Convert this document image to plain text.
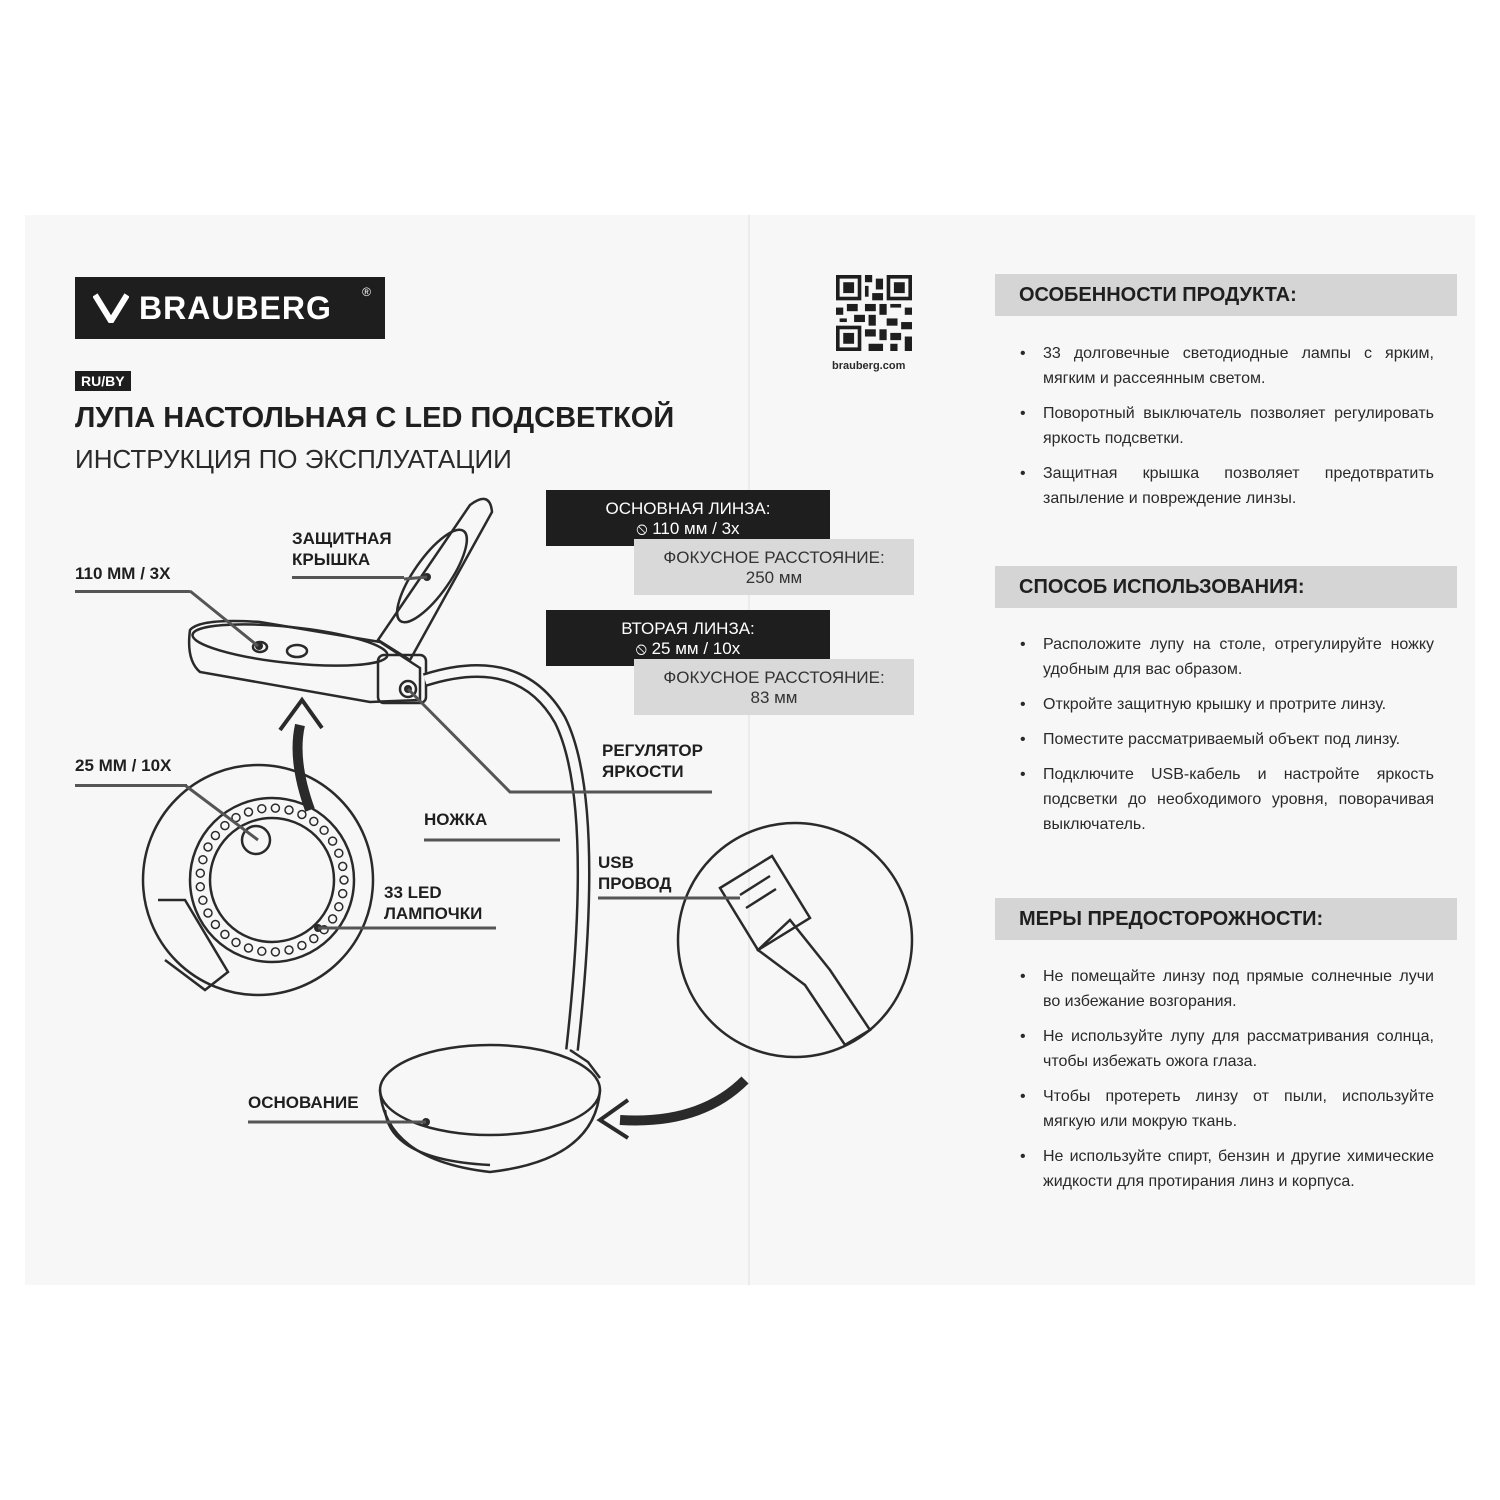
BRAUBERG	®
RU/BY
ЛУПА НАСТОЛЬНАЯ С LED ПОДСВЕТКОЙ
ИНСТРУКЦИЯ ПО ЭКСПЛУАТАЦИИ
brauberg.com
ОСНОВНАЯ ЛИНЗА:
⦸ 110 мм / 3х
ФОКУСНОЕ РАССТОЯНИЕ:
250 мм
ВТОРАЯ ЛИНЗА:
⦸ 25 мм / 10х
ФОКУСНОЕ РАССТОЯНИЕ:
83 мм
110 ММ / 3Х
ЗАЩИТНАЯ
КРЫШКА
25 ММ / 10Х
РЕГУЛЯТОР
ЯРКОСТИ
НОЖКА
USB
ПРОВОД
33 LED
ЛАМПОЧКИ
ОСНОВАНИЕ
ОСОБЕННОСТИ ПРОДУКТА:
• 33 долговечные светодиодные лампы с ярким, мягким и рассеянным светом.
• Поворотный выключатель позволяет регулировать яркость подсветки.
• Защитная крышка позволяет предотвратить запыление и повреждение линзы.
СПОСОБ ИСПОЛЬЗОВАНИЯ:
• Расположите лупу на столе, отрегулируйте ножку удобным для вас образом.
• Откройте защитную крышку и протрите линзу.
• Поместите рассматриваемый объект под линзу.
• Подключите USB-кабель и настройте яркость подсветки до необходимого уровня, поворачивая выключатель.
МЕРЫ ПРЕДОСТОРОЖНОСТИ:
• Не помещайте линзу под прямые солнечные лучи во избежание возгорания.
• Не используйте лупу для рассматривания солнца, чтобы избежать ожога глаза.
• Чтобы протереть линзу от пыли, используйте мягкую или мокрую ткань.
• Не используйте спирт, бензин и другие химические жидкости для протирания линз и корпуса.
